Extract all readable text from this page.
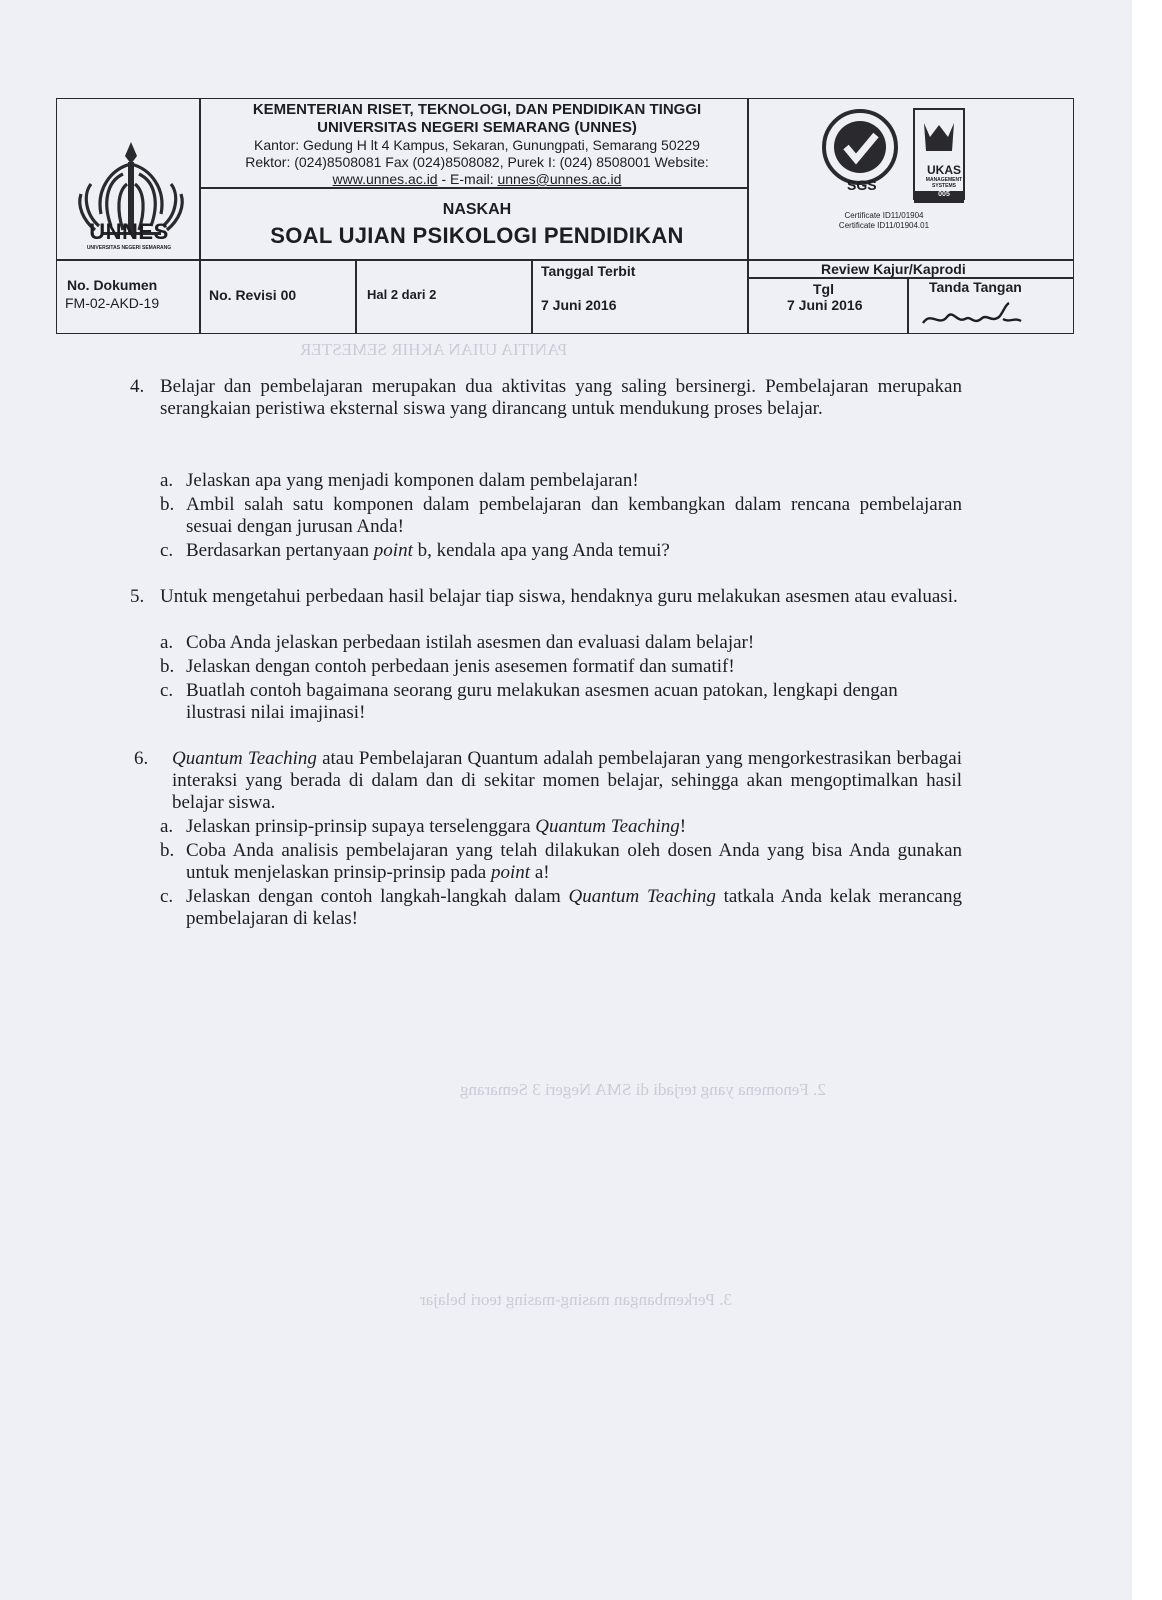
PANITIA UJIAN AKHIR SEMESTER
2. Fenomena yang terjadi di SMA Negeri 3 Semarang
3. Perkembangan masing-masing teori belajar
UNNES
UNIVERSITAS NEGERI SEMARANG
KEMENTERIAN RISET, TEKNOLOGI, DAN PENDIDIKAN TINGGI
UNIVERSITAS NEGERI SEMARANG (UNNES)
Kantor: Gedung H lt 4 Kampus, Sekaran, Gunungpati, Semarang 50229
Rektor: (024)8508081 Fax (024)8508082, Purek I: (024) 8508001 Website:
www.unnes.ac.id - E-mail: unnes@unnes.ac.id
NASKAH
SOAL UJIAN PSIKOLOGI PENDIDIKAN
SGS
UKAS
MANAGEMENT SYSTEMS
005
Certificate ID11/01904
Certificate ID11/01904.01
No. Dokumen
FM-02-AKD-19	No. Revisi 00	Hal 2 dari 2
Tanggal Terbit
7 Juni 2016
Review Kajur/Kaprodi
Tgl
7 Juni 2016
Tanda Tangan
4. Belajar dan pembelajaran merupakan dua aktivitas yang saling bersinergi. Pembelajaran merupakan serangkaian peristiwa eksternal siswa yang dirancang untuk mendukung proses belajar.
a. Jelaskan apa yang menjadi komponen dalam pembelajaran!
b. Ambil salah satu komponen dalam pembelajaran dan kembangkan dalam rencana pembelajaran sesuai dengan jurusan Anda!
c. Berdasarkan pertanyaan point b, kendala apa yang Anda temui?
5. Untuk mengetahui perbedaan hasil belajar tiap siswa, hendaknya guru melakukan asesmen atau evaluasi.
a. Coba Anda jelaskan perbedaan istilah asesmen dan evaluasi dalam belajar!
b. Jelaskan dengan contoh perbedaan jenis asesemen formatif dan sumatif!
c. Buatlah contoh bagaimana seorang guru melakukan asesmen acuan patokan, lengkapi dengan ilustrasi nilai imajinasi!
6. Quantum Teaching atau Pembelajaran Quantum adalah pembelajaran yang mengorkestrasikan berbagai interaksi yang berada di dalam dan di sekitar momen belajar, sehingga akan mengoptimalkan hasil belajar siswa.
a. Jelaskan prinsip-prinsip supaya terselenggara Quantum Teaching!
b. Coba Anda analisis pembelajaran yang telah dilakukan oleh dosen Anda yang bisa Anda gunakan untuk menjelaskan prinsip-prinsip pada point a!
c. Jelaskan dengan contoh langkah-langkah dalam Quantum Teaching tatkala Anda kelak merancang pembelajaran di kelas!
